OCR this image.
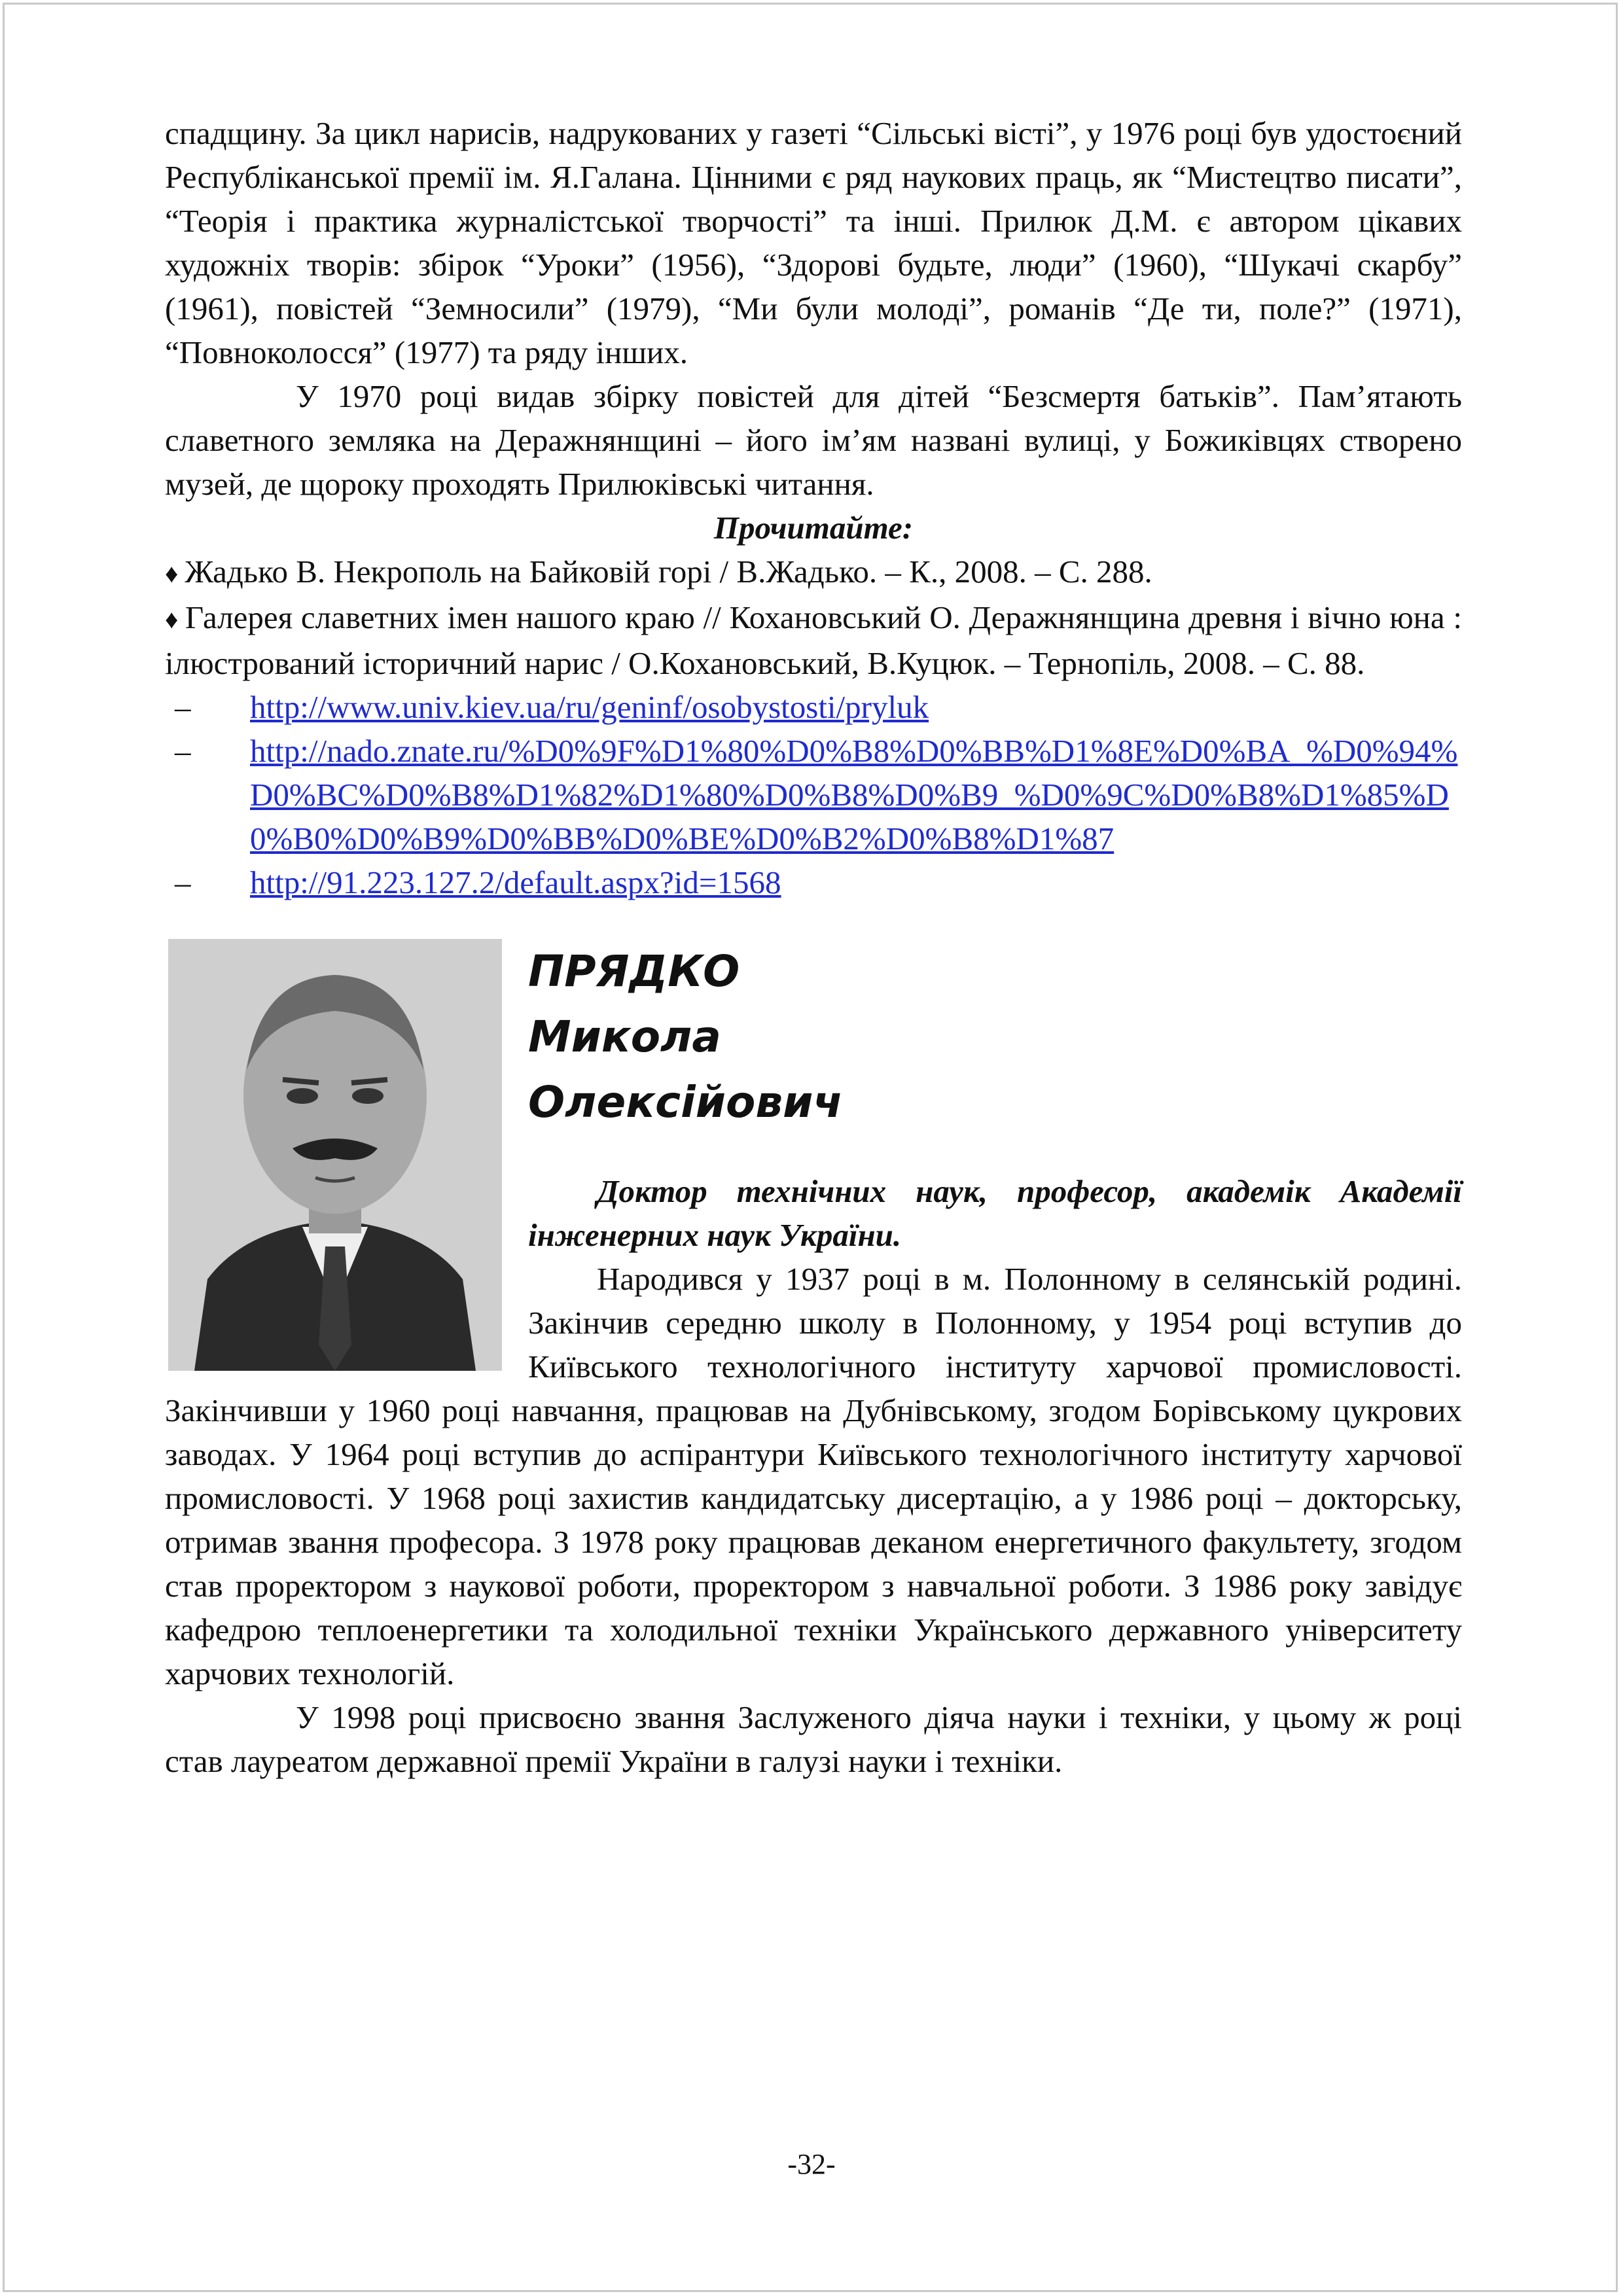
спадщину. За цикл нарисів, надрукованих у газеті “Сільські вісті”, у 1976 році був удостоєний Республіканської премії ім. Я.Галана. Цінними є ряд наукових праць, як “Мистецтво писати”, “Теорія і практика журналістської творчості” та інші. Прилюк Д.М. є автором цікавих художніх творів: збірок “Уроки” (1956), “Здорові будьте, люди” (1960), “Шукачі скарбу” (1961), повістей “Земносили” (1979), “Ми були молоді”, романів “Де ти, поле?” (1971), “Повноколосся” (1977) та ряду інших.

У 1970 році видав збірку повістей для дітей “Безсмертя батьків”. Пам’ятають славетного земляка на Деражнянщині – його ім’ям названі вулиці, у Божиківцях створено музей, де щороку проходять Прилюківські читання.

Прочитайте:

♦ Жадько В. Некрополь на Байковій горі / В.Жадько. – К., 2008. – С. 288.

♦ Галерея славетних імен нашого краю // Кохановський О. Деражнянщина древня і вічно юна : ілюстрований історичний нарис / О.Кохановський, В.Куцюк. – Тернопіль, 2008. – С. 88.

–	http://www.univ.kiev.ua/ru/geninf/osobystosti/pryluk
–	http://nado.znate.ru/%D0%9F%D1%80%D0%B8%D0%BB%D1%8E%D0%BA_%D0%94%D0%BC%D0%B8%D1%82%D1%80%D0%B8%D0%B9_%D0%9C%D0%B8%D1%85%D0%B0%D0%B9%D0%BB%D0%BE%D0%B2%D0%B8%D1%87
–	http://91.223.127.2/default.aspx?id=1568
ПРЯДКО
Микола
Олексійович

Доктор технічних наук, професор, академік Академії інженерних наук України.

Народився у 1937 році в м. Полонному в селянській родині. Закінчив середню школу в Полонному, у 1954 році вступив до Київського технологічного інституту харчової промисловості. Закінчивши у 1960 році навчання, працював на Дубнівському, згодом Борівському цукрових заводах. У 1964 році вступив до аспірантури Київського технологічного інституту харчової промисловості. У 1968 році захистив кандидатську дисертацію, а у 1986 році – докторську, отримав звання професора. З 1978 року працював деканом енергетичного факультету, згодом став проректором з наукової роботи, проректором з навчальної роботи. З 1986 року завідує кафедрою теплоенергетики та холодильної техніки Українського державного університету харчових технологій.

У 1998 році присвоєно звання Заслуженого діяча науки і техніки, у цьому ж році став лауреатом державної премії України в галузі науки і техніки.

-32-
